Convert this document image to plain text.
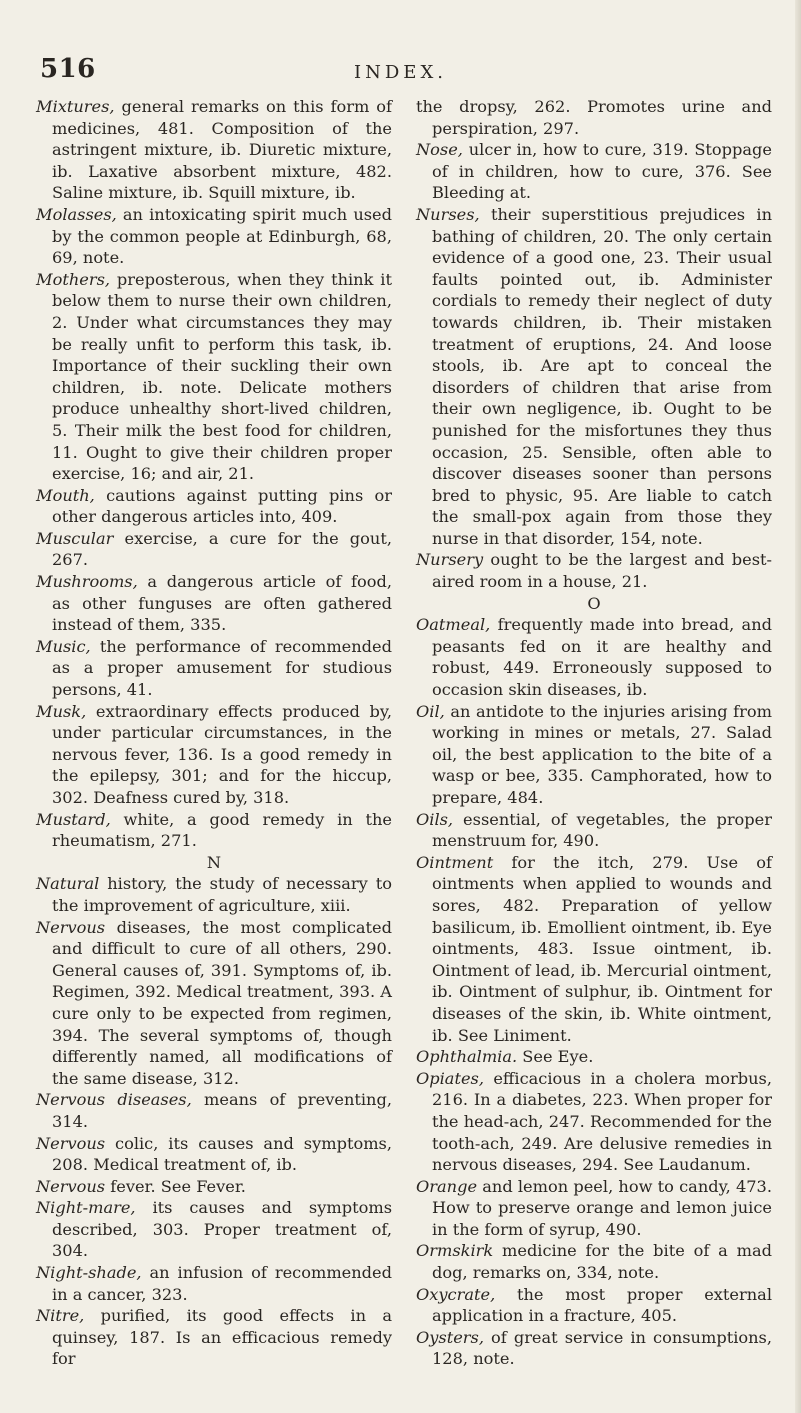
516	INDEX.

Mixtures, general remarks on this form of medicines, 481. Composition of the astringent mixture, ib. Diuretic mixture, ib. Laxative absorbent mixture, 482. Saline mixture, ib. Squill mixture, ib.

Molasses, an intoxicating spirit much used by the common people at Edinburgh, 68, 69, note.

Mothers, preposterous, when they think it below them to nurse their own children, 2. Under what circumstances they may be really unfit to perform this task, ib. Importance of their suckling their own children, ib. note. Delicate mothers produce unhealthy short-lived children, 5. Their milk the best food for children, 11. Ought to give their children proper exercise, 16; and air, 21.

Mouth, cautions against putting pins or other dangerous articles into, 409.

Muscular exercise, a cure for the gout, 267.

Mushrooms, a dangerous article of food, as other funguses are often gathered instead of them, 335.

Music, the performance of recommended as a proper amusement for studious persons, 41.

Musk, extraordinary effects produced by, under particular circumstances, in the nervous fever, 136. Is a good remedy in the epilepsy, 301; and for the hiccup, 302. Deafness cured by, 318.

Mustard, white, a good remedy in the rheumatism, 271.

N

Natural history, the study of necessary to the improvement of agriculture, xiii.

Nervous diseases, the most complicated and difficult to cure of all others, 290. General causes of, 391. Symptoms of, ib. Regimen, 392. Medical treatment, 393. A cure only to be expected from regimen, 394. The several symptoms of, though differently named, all modifications of the same disease, 312.

Nervous diseases, means of preventing, 314.

Nervous colic, its causes and symptoms, 208. Medical treatment of, ib.

Nervous fever. See Fever.

Night-mare, its causes and symptoms described, 303. Proper treatment of, 304.

Night-shade, an infusion of recommended in a cancer, 323.

Nitre, purified, its good effects in a quinsey, 187. Is an efficacious remedy for

the dropsy, 262. Promotes urine and perspiration, 297.

Nose, ulcer in, how to cure, 319. Stoppage of in children, how to cure, 376. See Bleeding at.

Nurses, their superstitious prejudices in bathing of children, 20. The only certain evidence of a good one, 23. Their usual faults pointed out, ib. Administer cordials to remedy their neglect of duty towards children, ib. Their mistaken treatment of eruptions, 24. And loose stools, ib. Are apt to conceal the disorders of children that arise from their own negligence, ib. Ought to be punished for the misfortunes they thus occasion, 25. Sensible, often able to discover diseases sooner than persons bred to physic, 95. Are liable to catch the small-pox again from those they nurse in that disorder, 154, note.

Nursery ought to be the largest and best-aired room in a house, 21.

O

Oatmeal, frequently made into bread, and peasants fed on it are healthy and robust, 449. Erroneously supposed to occasion skin diseases, ib.

Oil, an antidote to the injuries arising from working in mines or metals, 27. Salad oil, the best application to the bite of a wasp or bee, 335. Camphorated, how to prepare, 484.

Oils, essential, of vegetables, the proper menstruum for, 490.

Ointment for the itch, 279. Use of ointments when applied to wounds and sores, 482. Preparation of yellow basilicum, ib. Emollient ointment, ib. Eye ointments, 483. Issue ointment, ib. Ointment of lead, ib. Mercurial ointment, ib. Ointment of sulphur, ib. Ointment for diseases of the skin, ib. White ointment, ib. See Liniment.

Ophthalmia. See Eye.

Opiates, efficacious in a cholera morbus, 216. In a diabetes, 223. When proper for the head-ach, 247. Recommended for the tooth-ach, 249. Are delusive remedies in nervous diseases, 294. See Laudanum.

Orange and lemon peel, how to candy, 473. How to preserve orange and lemon juice in the form of syrup, 490.

Ormskirk medicine for the bite of a mad dog, remarks on, 334, note.

Oxycrate, the most proper external application in a fracture, 405.

Oysters, of great service in consumptions, 128, note.
